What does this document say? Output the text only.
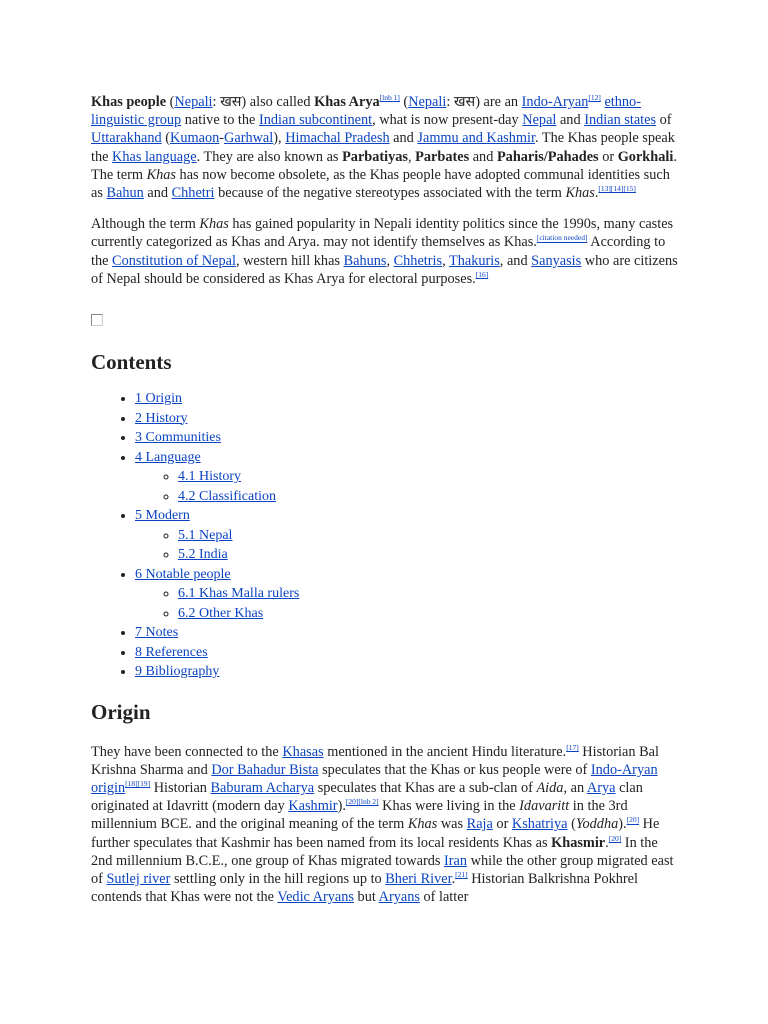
Khas people (Nepali: खस) also called Khas Arya[lnb 1] (Nepali: खस) are an Indo-Aryan[12] ethno-linguistic group native to the Indian subcontinent, what is now present-day Nepal and Indian states of Uttarakhand (Kumaon-Garhwal), Himachal Pradesh and Jammu and Kashmir. The Khas people speak the Khas language. They are also known as Parbatiyas, Parbates and Paharis/Pahades or Gorkhali. The term Khas has now become obsolete, as the Khas people have adopted communal identities such as Bahun and Chhetri because of the negative stereotypes associated with the term Khas.[13][14][15]

Although the term Khas has gained popularity in Nepali identity politics since the 1990s, many castes currently categorized as Khas and Arya. may not identify themselves as Khas.[citation needed] According to the Constitution of Nepal, western hill khas Bahuns, Chhetris, Thakuris, and Sanyasis who are citizens of Nepal should be considered as Khas Arya for electoral purposes.[16]

Contents
• 1 Origin
• 2 History
• 3 Communities
• 4 Language
◦ 4.1 History
◦ 4.2 Classification
• 5 Modern
◦ 5.1 Nepal
◦ 5.2 India
• 6 Notable people
◦ 6.1 Khas Malla rulers
◦ 6.2 Other Khas
• 7 Notes
• 8 References
• 9 Bibliography
Origin

They have been connected to the Khasas mentioned in the ancient Hindu literature.[17] Historian Bal Krishna Sharma and Dor Bahadur Bista speculates that the Khas or kus people were of Indo-Aryan origin[18][19] Historian Baburam Acharya speculates that Khas are a sub-clan of Aida, an Arya clan originated at Idavritt (modern day Kashmir).[20][lnb 2] Khas were living in the Idavaritt in the 3rd millennium BCE. and the original meaning of the term Khas was Raja or Kshatriya (Yoddha).[20] He further speculates that Kashmir has been named from its local residents Khas as Khasmir.[20] In the 2nd millennium B.C.E., one group of Khas migrated towards Iran while the other group migrated east of Sutlej river settling only in the hill regions up to Bheri River.[21] Historian Balkrishna Pokhrel contends that Khas were not the Vedic Aryans but Aryans of latter
